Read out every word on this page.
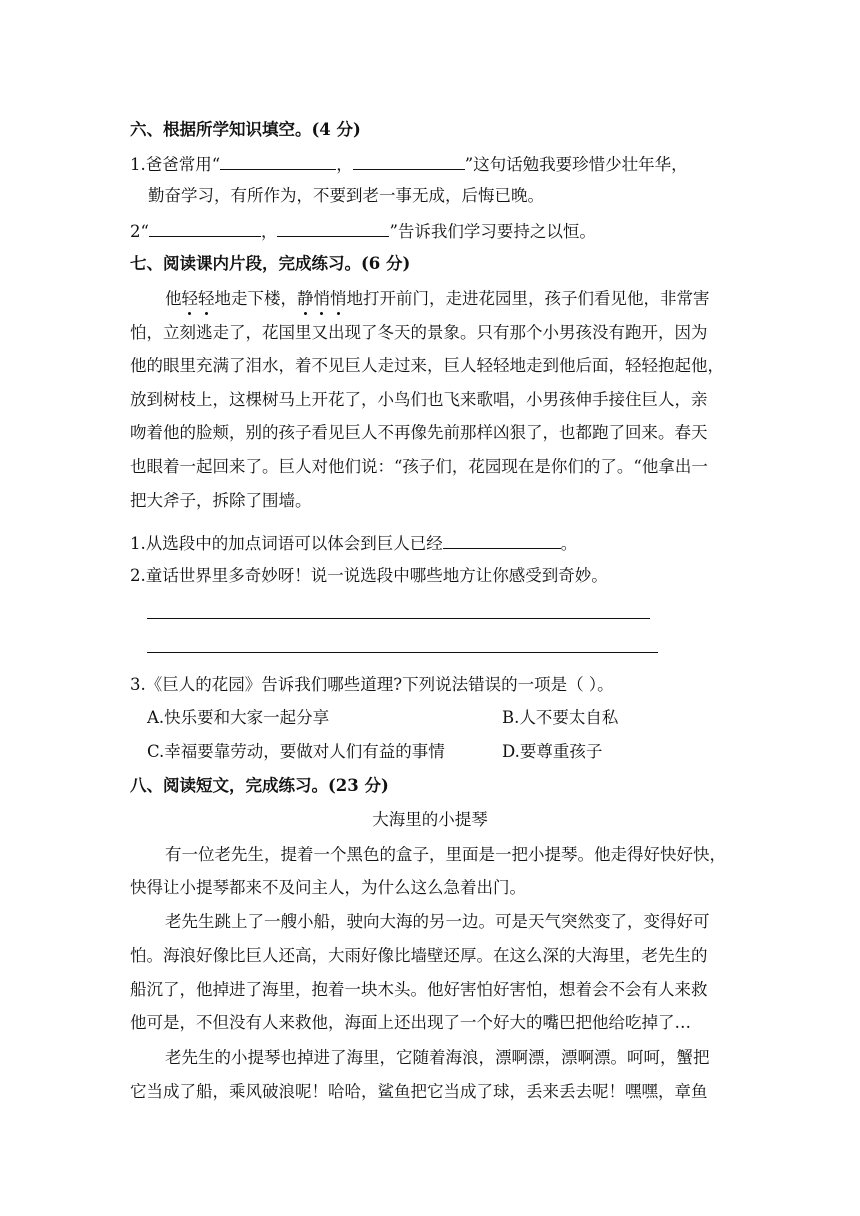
六、根据所学知识填空。(4 分)
1.爸爸常用“	，	”这句话勉我要珍惜少壮年华，
勤奋学习，有所作为，不要到老一事无成，后悔已晚。
2“	，	”告诉我们学习要持之以恒。
七、阅读课内片段，完成练习。(6 分)
他轻轻地走下楼，静悄悄地打开前门，走进花园里，孩子们看见他，非常害
怕，立刻逃走了，花国里又出现了冬天的景象。只有那个小男孩没有跑开，因为
他的眼里充满了泪水，着不见巨人走过来，巨人轻轻地走到他后面，轻轻抱起他，
放到树枝上，这棵树马上开花了，小鸟们也飞来歌唱，小男孩伸手接住巨人，亲
吻着他的脸颊，别的孩子看见巨人不再像先前那样凶狠了，也都跑了回来。春天
也眼着一起回来了。巨人对他们说：“孩子们，花园现在是你们的了。“他拿出一
把大斧子，拆除了围墙。
1.从选段中的加点词语可以体会到巨人已经	。
2.童话世界里多奇妙呀！说一说选段中哪些地方让你感受到奇妙。
3.《巨人的花园》告诉我们哪些道理?下列说法错误的一项是（ ）。
A.快乐要和大家一起分享	B.人不要太自私
C.幸福要靠劳动，要做对人们有益的事情	D.要尊重孩子
八、阅读短文，完成练习。(23 分)
大海里的小提琴
有一位老先生，提着一个黑色的盒子，里面是一把小提琴。他走得好快好快，
快得让小提琴都来不及问主人，为什么这么急着出门。
老先生跳上了一艘小船，驶向大海的另一边。可是天气突然变了，变得好可
怕。海浪好像比巨人还高，大雨好像比墙壁还厚。在这么深的大海里，老先生的
船沉了，他掉进了海里，抱着一块木头。他好害怕好害怕，想着会不会有人来救
他可是，不但没有人来救他，海面上还出现了一个好大的嘴巴把他给吃掉了…
老先生的小提琴也掉进了海里，它随着海浪，漂啊漂，漂啊漂。呵呵，蟹把
它当成了船，乘风破浪呢！哈哈，鲨鱼把它当成了球，丢来丢去呢！嘿嘿，章鱼
